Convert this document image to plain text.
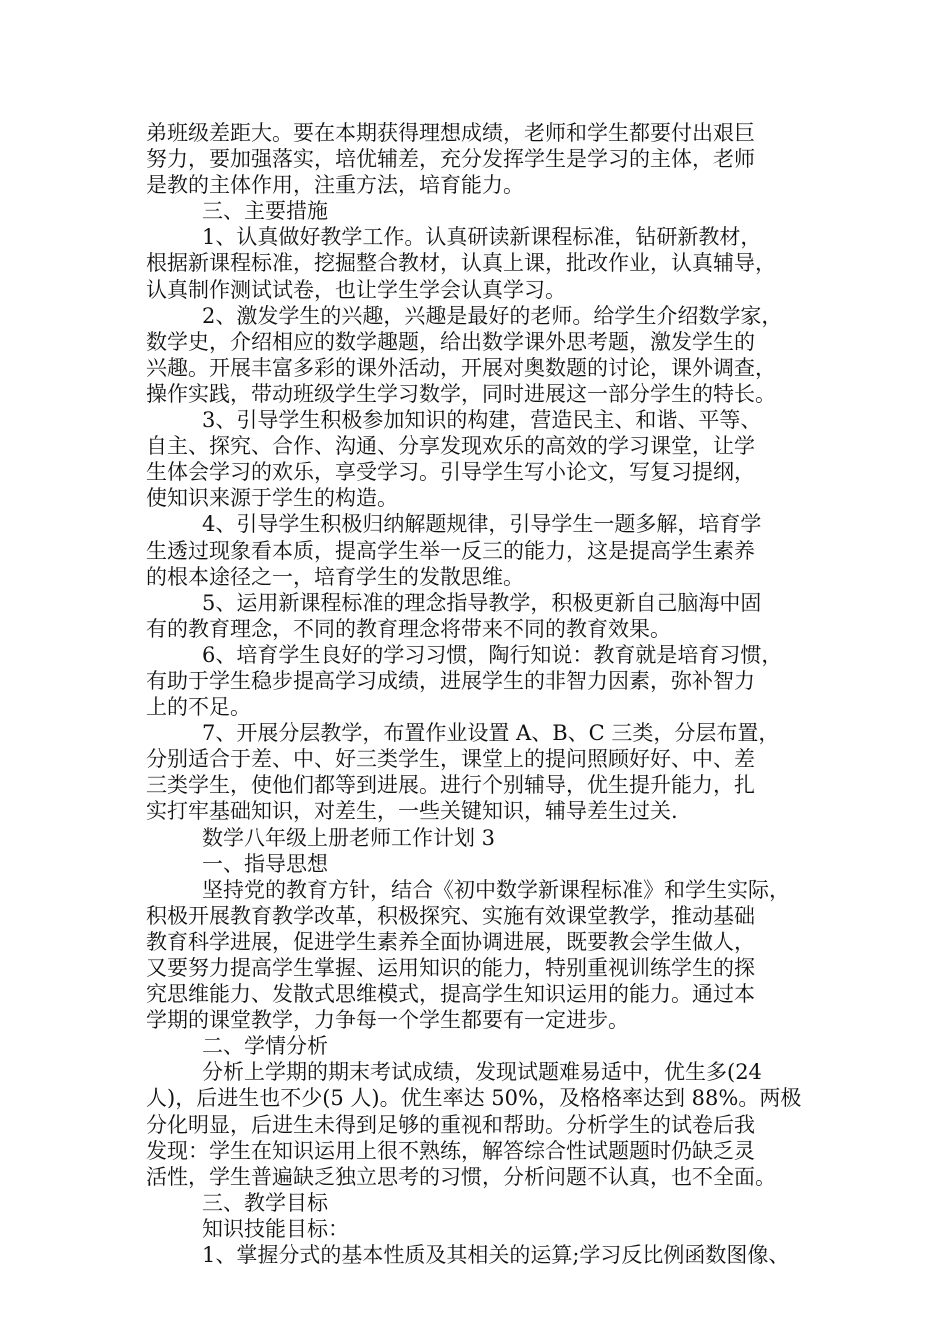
弟班级差距大。要在本期获得理想成绩，老师和学生都要付出艰巨
努力，要加强落实，培优辅差，充分发挥学生是学习的主体，老师
是教的主体作用，注重方法，培育能力。
三、主要措施
1、认真做好教学工作。认真研读新课程标准，钻研新教材，
根据新课程标准，挖掘整合教材，认真上课，批改作业，认真辅导，
认真制作测试试卷，也让学生学会认真学习。
2、激发学生的兴趣，兴趣是最好的老师。给学生介绍数学家，
数学史，介绍相应的数学趣题，给出数学课外思考题，激发学生的
兴趣。开展丰富多彩的课外活动，开展对奥数题的讨论，课外调查，
操作实践，带动班级学生学习数学，同时进展这一部分学生的特长。
3、引导学生积极参加知识的构建，营造民主、和谐、平等、
自主、探究、合作、沟通、分享发现欢乐的高效的学习课堂，让学
生体会学习的欢乐，享受学习。引导学生写小论文，写复习提纲，
使知识来源于学生的构造。
4、引导学生积极归纳解题规律，引导学生一题多解，培育学
生透过现象看本质，提高学生举一反三的能力，这是提高学生素养
的根本途径之一，培育学生的发散思维。
5、运用新课程标准的理念指导教学，积极更新自己脑海中固
有的教育理念，不同的教育理念将带来不同的教育效果。
6、培育学生良好的学习习惯，陶行知说：教育就是培育习惯，
有助于学生稳步提高学习成绩，进展学生的非智力因素，弥补智力
上的不足。
7、开展分层教学，布置作业设置 A、B、C 三类，分层布置，
分别适合于差、中、好三类学生，课堂上的提问照顾好好、中、差
三类学生，使他们都等到进展。进行个别辅导，优生提升能力，扎
实打牢基础知识，对差生，一些关键知识，辅导差生过关.
数学八年级上册老师工作计划 3
一、指导思想
坚持党的教育方针，结合《初中数学新课程标准》和学生实际，
积极开展教育教学改革，积极探究、实施有效课堂教学，推动基础
教育科学进展，促进学生素养全面协调进展，既要教会学生做人，
又要努力提高学生掌握、运用知识的能力，特别重视训练学生的探
究思维能力、发散式思维模式，提高学生知识运用的能力。通过本
学期的课堂教学，力争每一个学生都要有一定进步。
二、学情分析
分析上学期的期末考试成绩，发现试题难易适中，优生多(24
人)，后进生也不少(5 人)。优生率达 50%，及格格率达到 88%。两极
分化明显，后进生未得到足够的重视和帮助。分析学生的试卷后我
发现：学生在知识运用上很不熟练，解答综合性试题题时仍缺乏灵
活性，学生普遍缺乏独立思考的习惯，分析问题不认真，也不全面。
三、教学目标
知识技能目标：
1、掌握分式的基本性质及其相关的运算;学习反比例函数图像、
